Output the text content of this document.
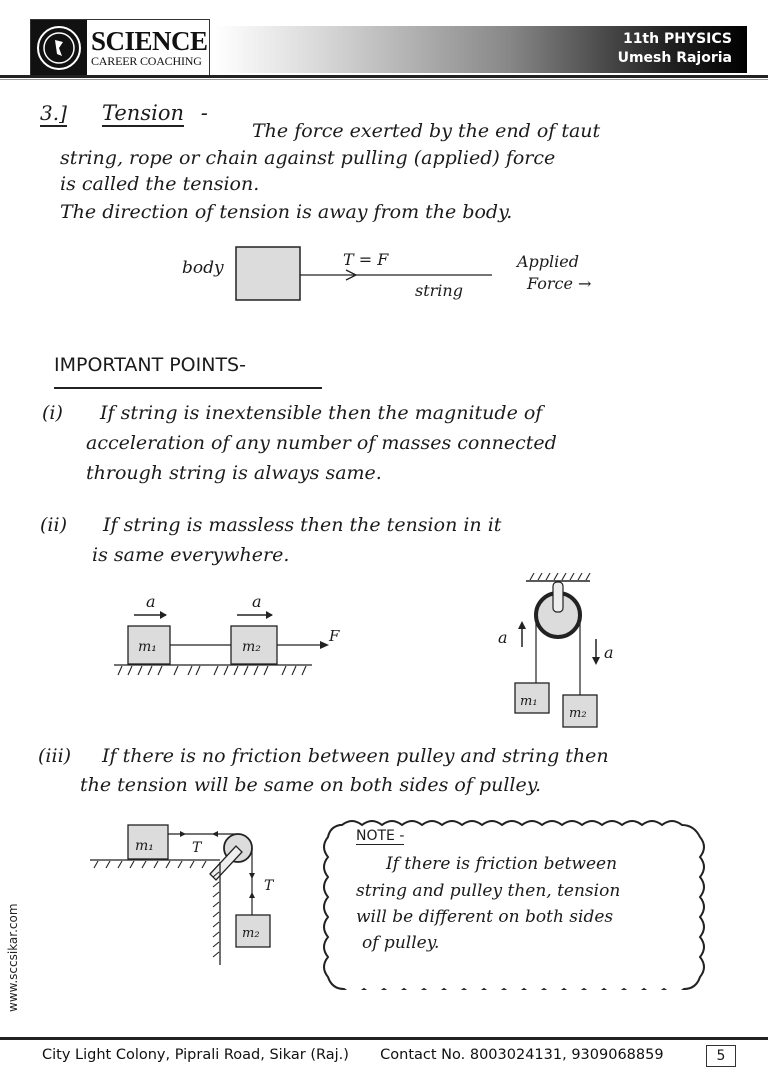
SCIENCE
CAREER COACHING
11th PHYSICS
Umesh Rajoria
3.] Tension -
The force exerted by the end of taut
string, rope or chain against pulling (applied) force
is called the tension.
The direction of tension is away from the body.
body	T = F
string
Applied
Force →
IMPORTANT POINTS-
(i) If string is inextensible then the magnitude of
acceleration of any number of masses connected
through string is always same.
(ii) If string is massless then the tension in it
is same everywhere.
a	a
m₁	m₂
F	a
a
m₁
m₂
(iii) If there is no friction between pulley and string then
the tension will be same on both sides of pulley.
m₁	T
T
m₂
NOTE -
If there is friction between
string and pulley then, tension
will be different on both sides
of pulley.
www.sccsikar.com
City Light Colony, Piprali Road, Sikar (Raj.) Contact No. 8003024131, 9309068859	5
